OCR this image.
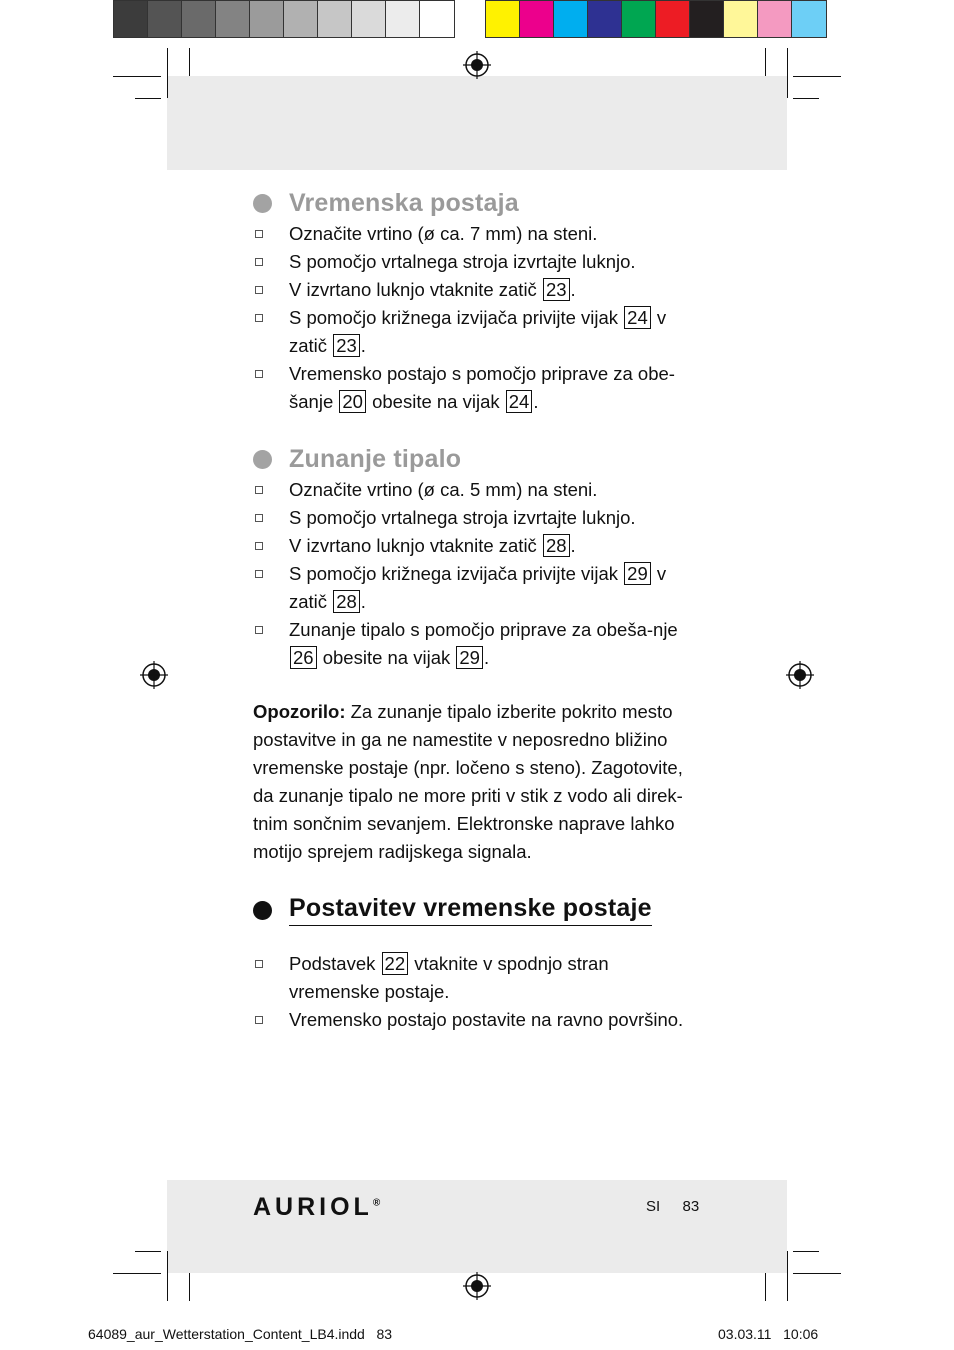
Vremenska postaja
Označite vrtino (ø ca. 7 mm) na steni.
S pomočjo vrtalnega stroja izvrtajte luknjo.
V izvrtano luknjo vtaknite zatič 23 .
S pomočjo križnega izvijača privijte vijak 24 v zatič 23 .
Vremensko postajo s pomočjo priprave za obe-šanje 20 obesite na vijak 24 .
Zunanje tipalo
Označite vrtino (ø ca. 5 mm) na steni.
S pomočjo vrtalnega stroja izvrtajte luknjo.
V izvrtano luknjo vtaknite zatič 28 .
S pomočjo križnega izvijača privijte vijak 29 v zatič 28 .
Zunanje tipalo s pomočjo priprave za obeša-nje 26 obesite na vijak 29 .
Opozorilo: Za zunanje tipalo izberite pokrito mesto postavitve in ga ne namestite v neposredno bližino vremenske postaje (npr. ločeno s steno). Zagotovite, da zunanje tipalo ne more priti v stik z vodo ali direk-tnim sončnim sevanjem. Elektronske naprave lahko motijo sprejem radijskega signala.
Postavitev vremenske postaje
Podstavek 22 vtaknite v spodnjo stran vremenske postaje.
Vremensko postajo postavite na ravno površino.
AURIOL®	SI 83
64089_aur_Wetterstation_Content_LB4.indd   83	03.03.11   10:06
